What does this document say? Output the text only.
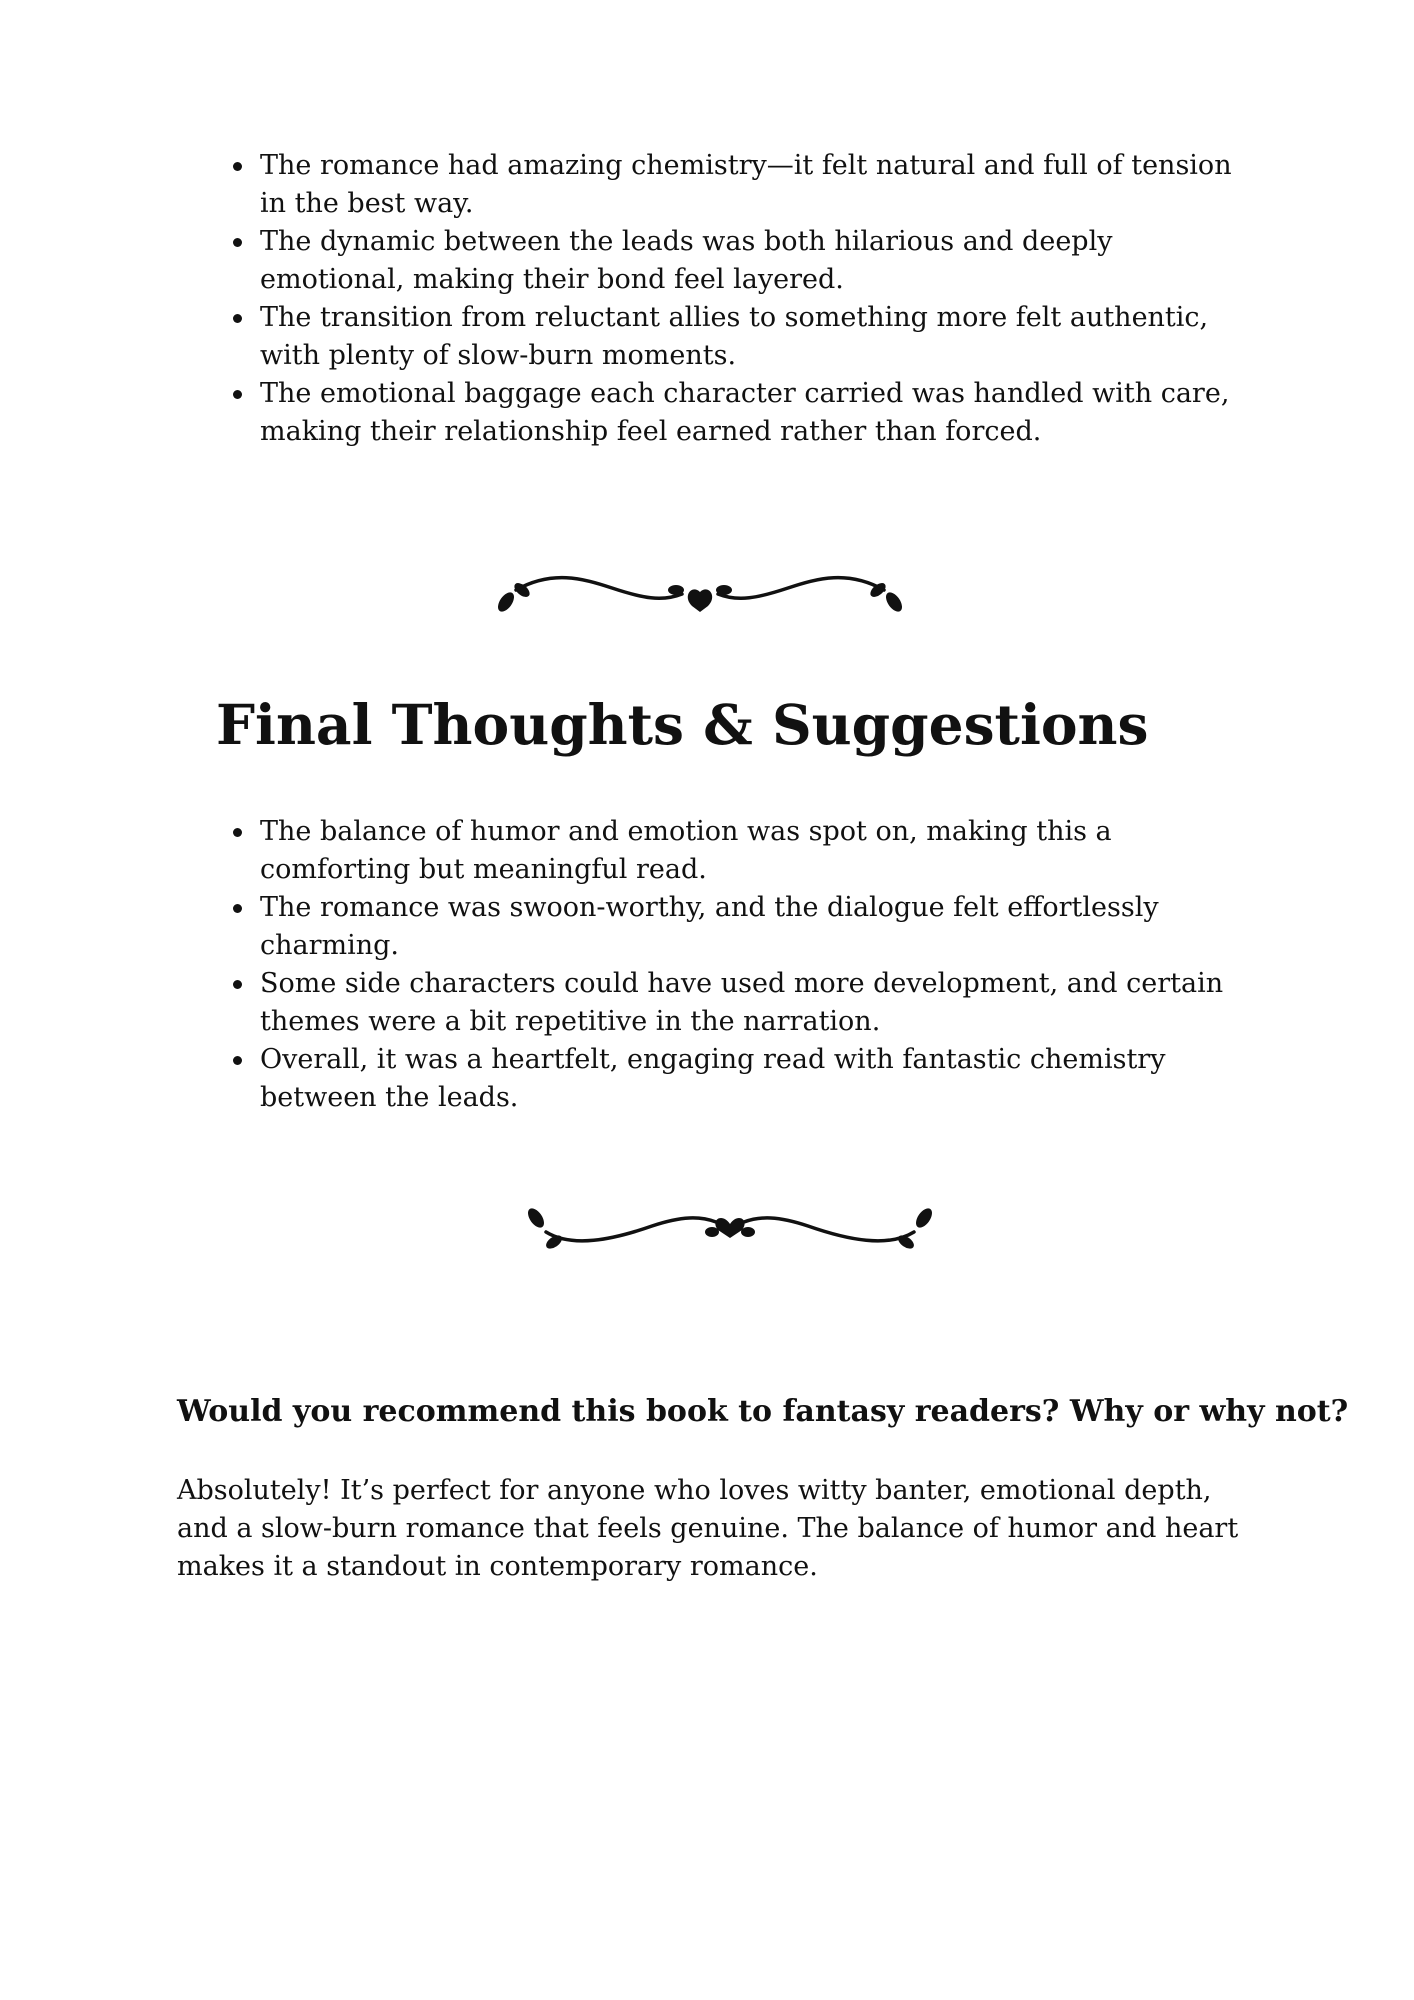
The romance had amazing chemistry—it felt natural and full of tension in the best way.
The dynamic between the leads was both hilarious and deeply emotional, making their bond feel layered.
The transition from reluctant allies to something more felt authentic, with plenty of slow-burn moments.
The emotional baggage each character carried was handled with care, making their relationship feel earned rather than forced.
Final Thoughts & Suggestions
The balance of humor and emotion was spot on, making this a comforting but meaningful read.
The romance was swoon-worthy, and the dialogue felt effortlessly charming.
Some side characters could have used more development, and certain themes were a bit repetitive in the narration.
Overall, it was a heartfelt, engaging read with fantastic chemistry between the leads.
Would you recommend this book to fantasy readers? Why or why not?

Absolutely! It’s perfect for anyone who loves witty banter, emotional depth, and a slow-burn romance that feels genuine. The balance of humor and heart makes it a standout in contemporary romance.
